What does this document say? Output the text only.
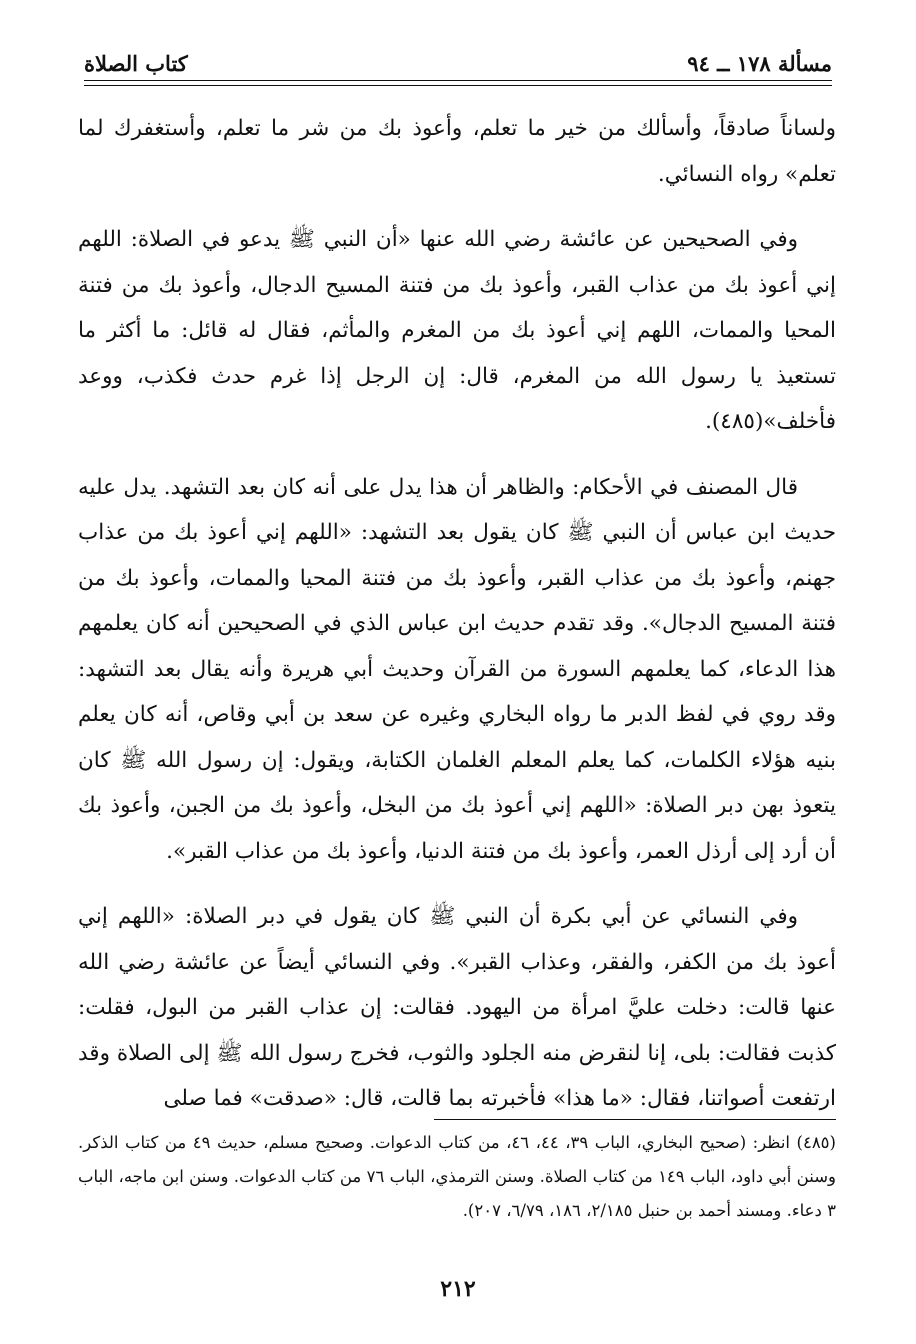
مسألة ١٧٨ ــ ٩٤
كتاب الصلاة

ولساناً صادقاً، وأسألك من خير ما تعلم، وأعوذ بك من شر ما تعلم، وأستغفرك لما تعلم» رواه النسائي.

وفي الصحيحين عن عائشة رضي الله عنها «أن النبي ﷺ يدعو في الصلاة: اللهم إني أعوذ بك من عذاب القبر، وأعوذ بك من فتنة المسيح الدجال، وأعوذ بك من فتنة المحيا والممات، اللهم إني أعوذ بك من المغرم والمأثم، فقال له قائل: ما أكثر ما تستعيذ يا رسول الله من المغرم، قال: إن الرجل إذا غرم حدث فكذب، ووعد فأخلف»(٤٨٥).

قال المصنف في الأحكام: والظاهر أن هذا يدل على أنه كان بعد التشهد. يدل عليه حديث ابن عباس أن النبي ﷺ كان يقول بعد التشهد: «اللهم إني أعوذ بك من عذاب جهنم، وأعوذ بك من عذاب القبر، وأعوذ بك من فتنة المحيا والممات، وأعوذ بك من فتنة المسيح الدجال». وقد تقدم حديث ابن عباس الذي في الصحيحين أنه كان يعلمهم هذا الدعاء، كما يعلمهم السورة من القرآن وحديث أبي هريرة وأنه يقال بعد التشهد: وقد روي في لفظ الدبر ما رواه البخاري وغيره عن سعد بن أبي وقاص، أنه كان يعلم بنيه هؤلاء الكلمات، كما يعلم المعلم الغلمان الكتابة، ويقول: إن رسول الله ﷺ كان يتعوذ بهن دبر الصلاة: «اللهم إني أعوذ بك من البخل، وأعوذ بك من الجبن، وأعوذ بك أن أرد إلى أرذل العمر، وأعوذ بك من فتنة الدنيا، وأعوذ بك من عذاب القبر».

وفي النسائي عن أبي بكرة أن النبي ﷺ كان يقول في دبر الصلاة: «اللهم إني أعوذ بك من الكفر، والفقر، وعذاب القبر». وفي النسائي أيضاً عن عائشة رضي الله عنها قالت: دخلت عليَّ امرأة من اليهود. فقالت: إن عذاب القبر من البول، فقلت: كذبت فقالت: بلى، إنا لنقرض منه الجلود والثوب، فخرج رسول الله ﷺ إلى الصلاة وقد ارتفعت أصواتنا، فقال: «ما هذا» فأخبرته بما قالت، قال: «صدقت» فما صلى

(٤٨٥) انظر: (صحيح البخاري، الباب ٣٩، ٤٤، ٤٦، من كتاب الدعوات. وصحيح مسلم، حديث ٤٩ من كتاب الذكر. وسنن أبي داود، الباب ١٤٩ من كتاب الصلاة. وسنن الترمذي، الباب ٧٦ من كتاب الدعوات. وسنن ابن ماجه، الباب ٣ دعاء. ومسند أحمد بن حنبل ٢/١٨٥، ١٨٦، ٦/٧٩، ٢٠٧).

٢١٢
